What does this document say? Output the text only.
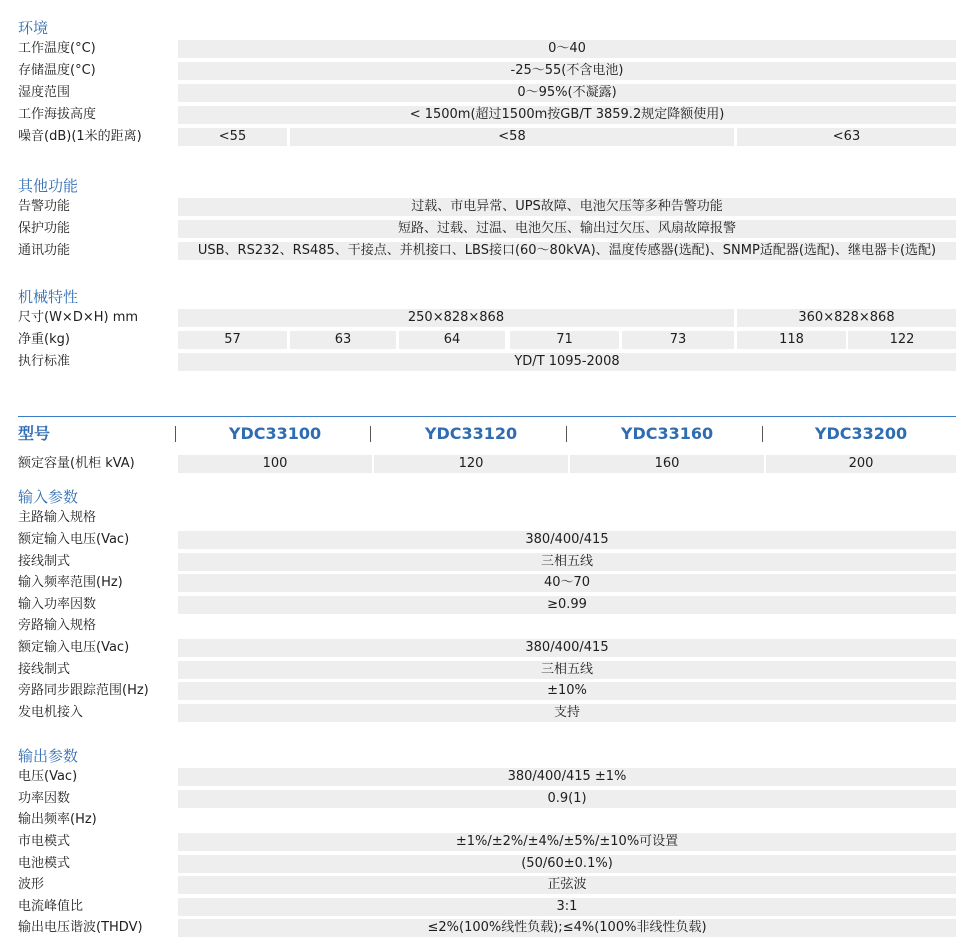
环境
工作温度(°C)	0～40
存储温度(°C)	-25～55(不含电池)
湿度范围	0～95%(不凝露)
工作海拔高度	< 1500m(超过1500m按GB/T 3859.2规定降额使用)
噪音(dB)(1米的距离)	<55	<58	<63
其他功能
告警功能	过载、市电异常、UPS故障、电池欠压等多种告警功能
保护功能	短路、过载、过温、电池欠压、输出过欠压、风扇故障报警
通讯功能	USB、RS232、RS485、干接点、并机接口、LBS接口(60～80kVA)、温度传感器(选配)、SNMP适配器(选配)、继电器卡(选配)
机械特性
尺寸(W×D×H) mm	250×828×868	360×828×868
净重(kg)	57	63	64	71	73	118	122
执行标准	YD/T 1095-2008
型号	YDC33100	YDC33120	YDC33160	YDC33200
额定容量(机柜 kVA)	100	120	160	200
输入参数
主路输入规格
额定输入电压(Vac)	380/400/415
接线制式	三相五线
输入频率范围(Hz)	40～70
输入功率因数	≥0.99
旁路输入规格
额定输入电压(Vac)	380/400/415
接线制式	三相五线
旁路同步跟踪范围(Hz)	±10%
发电机接入	支持
输出参数
电压(Vac)	380/400/415 ±1%
功率因数	0.9(1)
输出频率(Hz)
市电模式	±1%/±2%/±4%/±5%/±10%可设置
电池模式	(50/60±0.1%)
波形	正弦波
电流峰值比	3:1
输出电压谐波(THDV)	≤2%(100%线性负载);≤4%(100%非线性负载)
